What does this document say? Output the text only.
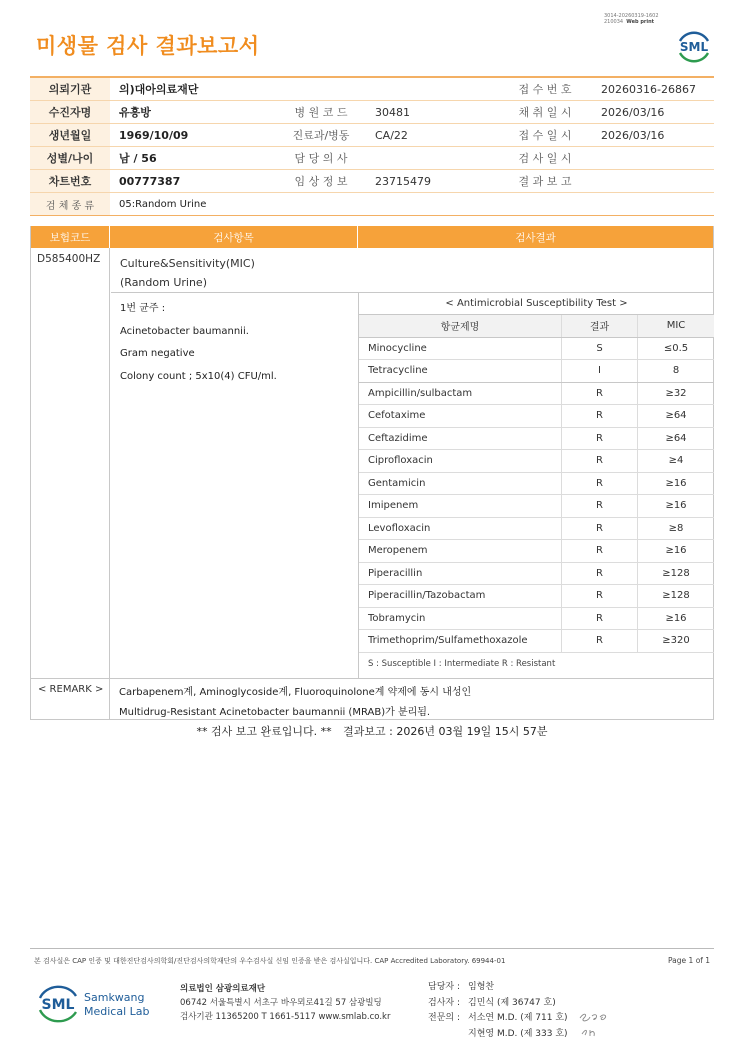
미생물 검사 결과보고서
3014-20260319-1602
210034 Web print
SML
의뢰기관	의)대아의료재단	접 수 번 호	20260316-26867
수진자명	유흥방	병 원 코 드	30481	채 취 일 시	2026/03/16
생년월일	1969/10/09	진료과/병동	CA/22	접 수 일 시	2026/03/16
성별/나이	남 / 56	담 당 의 사	검 사 일 시
차트번호	00777387	임 상 정 보	23715479	결 과 보 고
검 체 종 류	05:Random Urine
보험코드	검사항목	검사결과
D585400HZ	Culture&Sensitivity(MIC)
(Random Urine)
1번 균주 :
Acinetobacter baumannii.
Gram negative
Colony count ; 5x10(4) CFU/ml.
< Antimicrobial Susceptibility Test >
항균제명	결과	MIC
Minocycline	S	≤0.5
Tetracycline	I	8
Ampicillin/sulbactam	R	≥32
Cefotaxime	R	≥64
Ceftazidime	R	≥64
Ciprofloxacin	R	≥4
Gentamicin	R	≥16
Imipenem	R	≥16
Levofloxacin	R	≥8
Meropenem	R	≥16
Piperacillin	R	≥128
Piperacillin/Tazobactam	R	≥128
Tobramycin	R	≥16
Trimethoprim/Sulfamethoxazole	R	≥320
S : Susceptible I : Intermediate R : Resistant
< REMARK >	Carbapenem계, Aminoglycoside계, Fluoroquinolone계 약제에 동시 내성인
Multidrug-Resistant Acinetobacter baumannii (MRAB)가 분리됨.
** 검사 보고 완료입니다. ** 결과보고 : 2026년 03월 19일 15시 57분
본 검사실은 CAP 인증 및 대한진단검사의학회/진단검사의학재단의 우수검사실 신임 인증을 받은 검사실입니다. CAP Accredited Laboratory. 69944-01	Page 1 of 1
SML Samkwang
Medical Lab
의료법인 삼광의료재단
06742 서울특별시 서초구 바우뫼로41길 57 삼광빌딩
검사기관 11365200 T 1661-5117 www.smlab.co.kr
담당자 : 임형찬
검사자 : 김민식 (제 36747 호)
전문의 : 서소연 M.D. (제 711 호)
지현영 M.D. (제 333 호)
